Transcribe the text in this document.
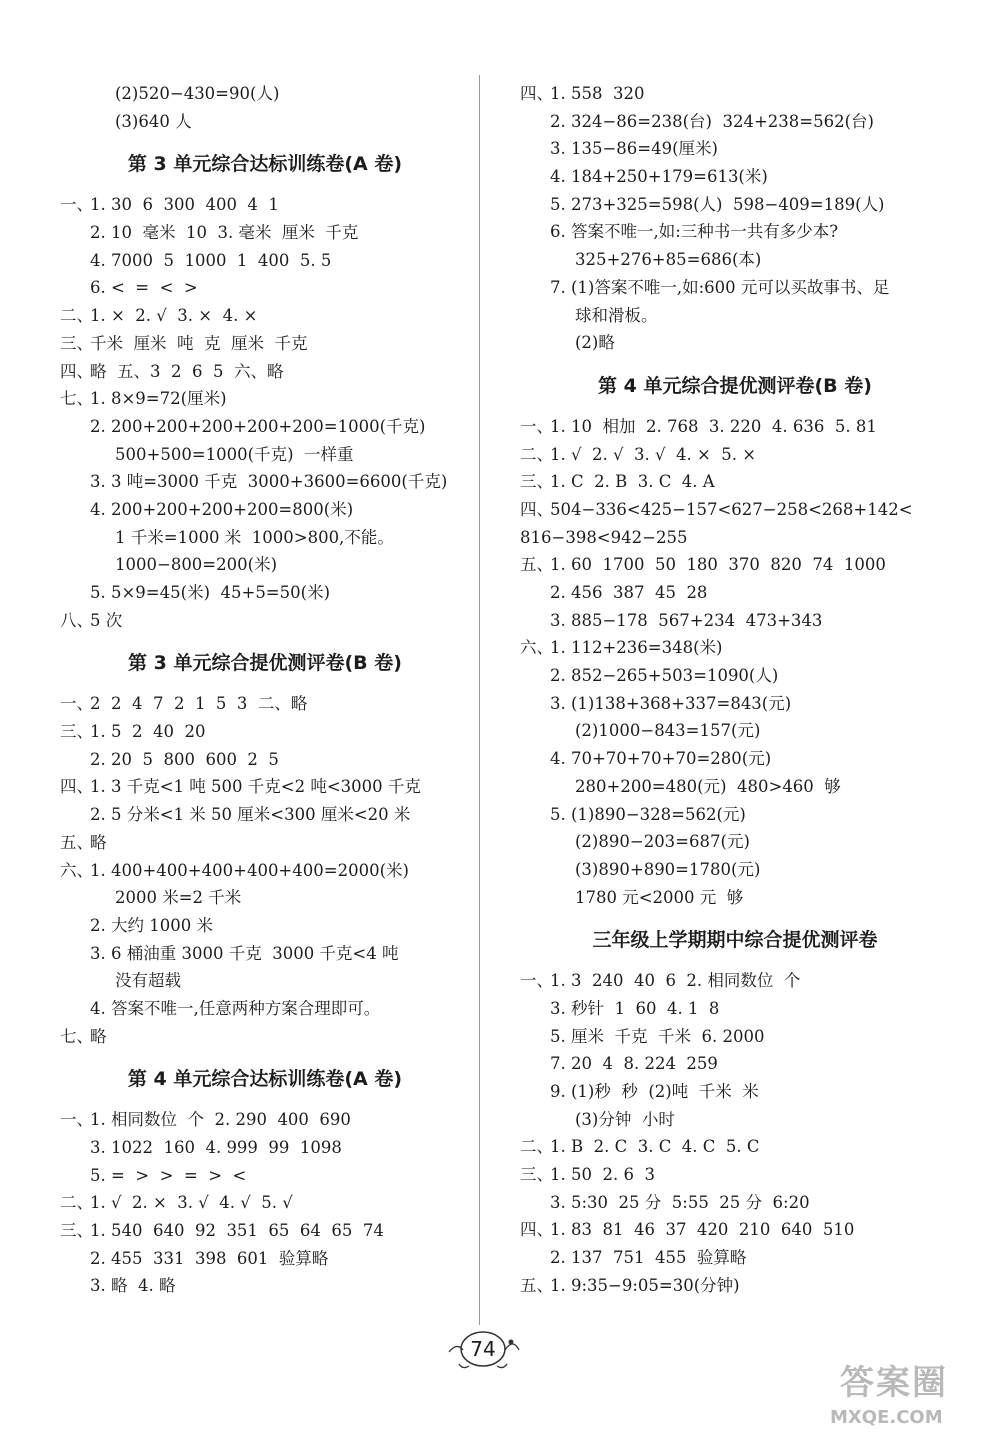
(2)520−430=90(人)
(3)640 人
第 3 单元综合达标训练卷(A 卷)
一、
1. 30  6  300  400  4  1
2. 10  毫米  10  3. 毫米  厘米  千克
4. 7000  5  1000  1  400  5. 5
6. <  =  <  >
二、
1. ×  2. √  3. ×  4. ×
三、
千米  厘米  吨  克  厘米  千克
四、
略  五、3  2  6  5  六、略
七、
1. 8×9=72(厘米)
2. 200+200+200+200+200=1000(千克)
500+500=1000(千克)  一样重
3. 3 吨=3000 千克  3000+3600=6600(千克)
4. 200+200+200+200=800(米)
1 千米=1000 米  1000>800,不能。
1000−800=200(米)
5. 5×9=45(米)  45+5=50(米)
八、
5 次
第 3 单元综合提优测评卷(B 卷)
一、
2  2  4  7  2  1  5  3  二、略
三、
1. 5  2  40  20
2. 20  5  800  600  2  5
四、
1. 3 千克<1 吨 500 千克<2 吨<3000 千克
2. 5 分米<1 米 50 厘米<300 厘米<20 米
五、
略
六、
1. 400+400+400+400+400=2000(米)
2000 米=2 千米
2. 大约 1000 米
3. 6 桶油重 3000 千克  3000 千克<4 吨
没有超载
4. 答案不唯一,任意两种方案合理即可。
七、
略
第 4 单元综合达标训练卷(A 卷)
一、
1. 相同数位  个  2. 290  400  690
3. 1022  160  4. 999  99  1098
5. =  >  >  =  >  <
二、
1. √  2. ×  3. √  4. √  5. √
三、
1. 540  640  92  351  65  64  65  74
2. 455  331  398  601  验算略
3. 略  4. 略
四、
1. 558  320
2. 324−86=238(台)  324+238=562(台)
3. 135−86=49(厘米)
4. 184+250+179=613(米)
5. 273+325=598(人)  598−409=189(人)
6. 答案不唯一,如:三种书一共有多少本?
325+276+85=686(本)
7. (1)答案不唯一,如:600 元可以买故事书、足
球和滑板。
(2)略
第 4 单元综合提优测评卷(B 卷)
一、
1. 10  相加  2. 768  3. 220  4. 636  5. 81
二、
1. √  2. √  3. √  4. ×  5. ×
三、
1. C  2. B  3. C  4. A
四、
504−336<425−157<627−258<268+142<
816−398<942−255
五、
1. 60  1700  50  180  370  820  74  1000
2. 456  387  45  28
3. 885−178  567+234  473+343
六、
1. 112+236=348(米)
2. 852−265+503=1090(人)
3. (1)138+368+337=843(元)
(2)1000−843=157(元)
4. 70+70+70+70=280(元)
280+200=480(元)  480>460  够
5. (1)890−328=562(元)
(2)890−203=687(元)
(3)890+890=1780(元)
1780 元<2000 元  够
三年级上学期期中综合提优测评卷
一、
1. 3  240  40  6  2. 相同数位  个
3. 秒针  1  60  4. 1  8
5. 厘米  千克  千米  6. 2000
7. 20  4  8. 224  259
9. (1)秒  秒  (2)吨  千米  米
(3)分钟  小时
二、
1. B  2. C  3. C  4. C  5. C
三、
1. 50  2. 6  3
3. 5:30  25 分  5:55  25 分  6:20
四、
1. 83  81  46  37  420  210  640  510
2. 137  751  455  验算略
五、
1. 9:35−9:05=30(分钟)
74
答案圈
MXQE.COM
